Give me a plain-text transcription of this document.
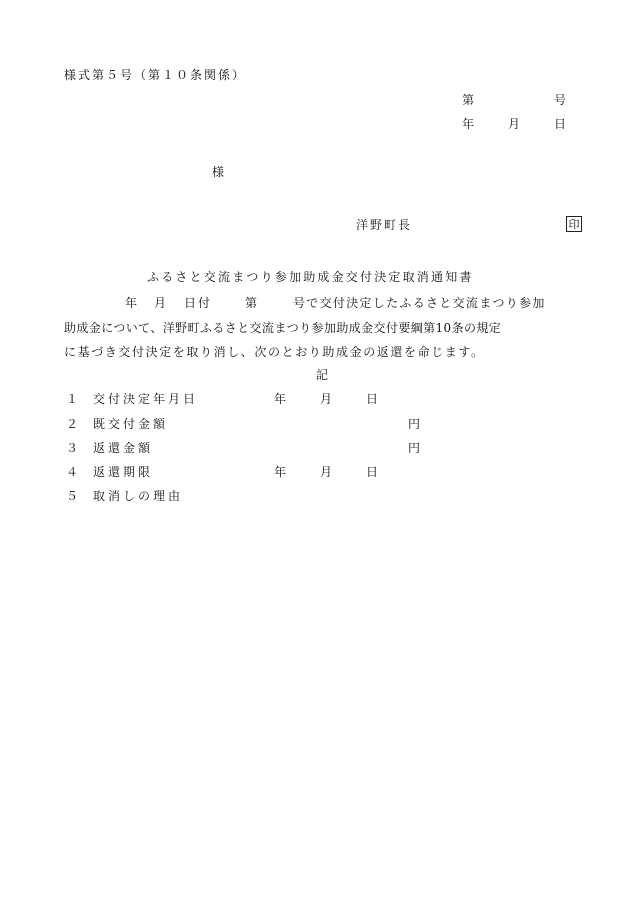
様式第５号（第１０条関係）
第	号
年	月	日
様
洋野町長	印
ふるさと交流まつり参加助成金交付決定取消通知書
年 月 日付	第	号で交付決定したふるさと交流まつり参加
助成金について、洋野町ふるさと交流まつり参加助成金交付要綱第10条の規定
に基づき交付決定を取り消し、次のとおり助成金の返還を命じます。
記
１ 交付決定年月日	年	月	日
２ 既交付金額	円
３ 返還金額	円
４ 返還期限	年	月	日
５ 取消しの理由
